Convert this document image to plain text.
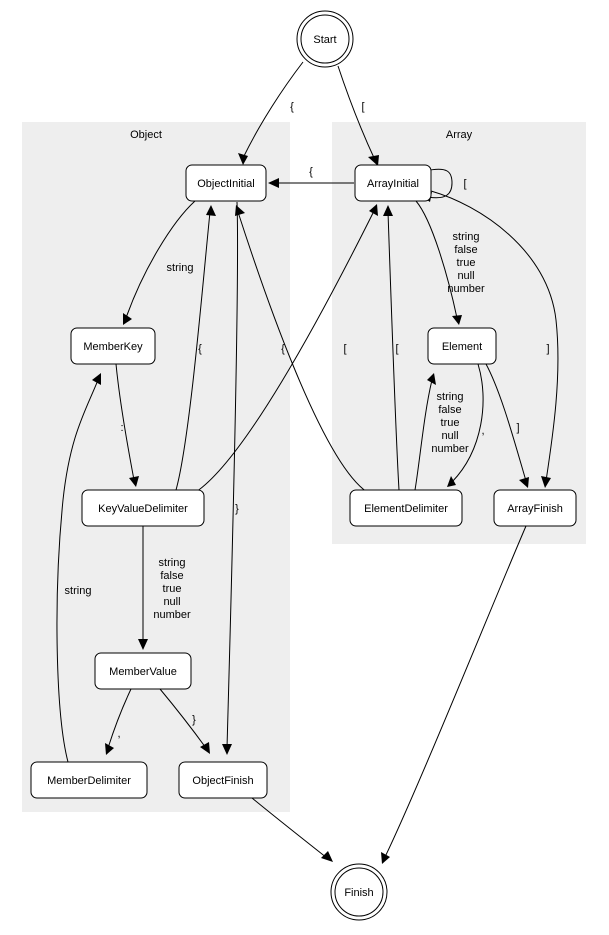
Object	Array
{	[
{
[
string
string
false
true
null
number
:
{	[	[
{
string
false
true
null
number
,	]
]
string
false
true
null
number
,
string
}
}
Start
ObjectInitial	ArrayInitial
MemberKey	Element
KeyValueDelimiter	ElementDelimiter	ArrayFinish
MemberValue
MemberDelimiter	ObjectFinish
Finish
